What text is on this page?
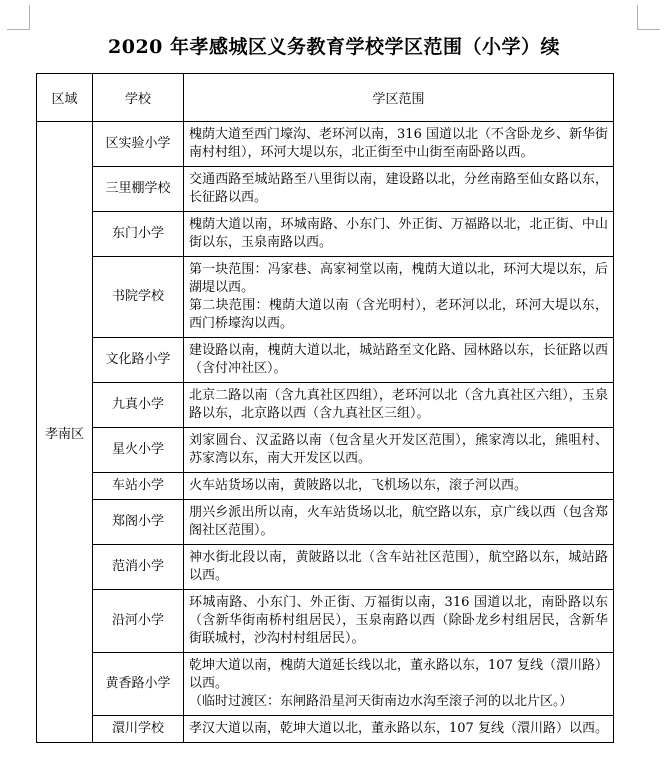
2020 年孝感城区义务教育学校学区范围（小学）续
区域	学校	学区范围
孝南区	区实验小学	槐荫大道至西门壕沟、老环河以南，316 国道以北（不含卧龙乡、新华街南村村组），环河大堤以东，北正街至中山街至南卧路以西。

	三里棚学校	交通西路至城站路至八里街以南，建设路以北，分丝南路至仙女路以东，长征路以西。

	东门小学	槐荫大道以南，环城南路、小东门、外正街、万福路以北，北正街、中山街以东，玉泉南路以西。

	书院学校	第一块范围：冯家巷、高家祠堂以南，槐荫大道以北，环河大堤以东，后湖堤以西。

第二块范围：槐荫大道以南（含光明村），老环河以北，环河大堤以东，西门桥壕沟以西。

	文化路小学	建设路以南，槐荫大道以北，城站路至文化路、园林路以东，长征路以西（含付冲社区）。

	九真小学	北京二路以南（含九真社区四组），老环河以北（含九真社区六组），玉泉路以东，北京路以西（含九真社区三组）。

	星火小学	刘家圆台、汉孟路以南（包含星火开发区范围），熊家湾以北，熊咀村、苏家湾以东，南大开发区以西。

	车站小学	火车站货场以南，黄陂路以北，飞机场以东，滚子河以西。

	郑阁小学	朋兴乡派出所以南，火车站货场以北，航空路以东，京广线以西（包含郑阁社区范围）。

	范消小学	神水街北段以南，黄陂路以北（含车站社区范围），航空路以东，城站路以西。

	沿河小学	环城南路、小东门、外正街、万福街以南，316 国道以北，南卧路以东（含新华街南桥村组居民），玉泉南路以西（除卧龙乡村组居民，含新华街联城村，沙沟村村组居民）。

	黄香路小学	乾坤大道以南，槐荫大道延长线以北，董永路以东，107 复线（澴川路）以西。

（临时过渡区：东闸路沿星河天街南边水沟至滚子河的以北片区。）

	澴川学校	孝汉大道以南，乾坤大道以北，董永路以东，107 复线（澴川路）以西。
